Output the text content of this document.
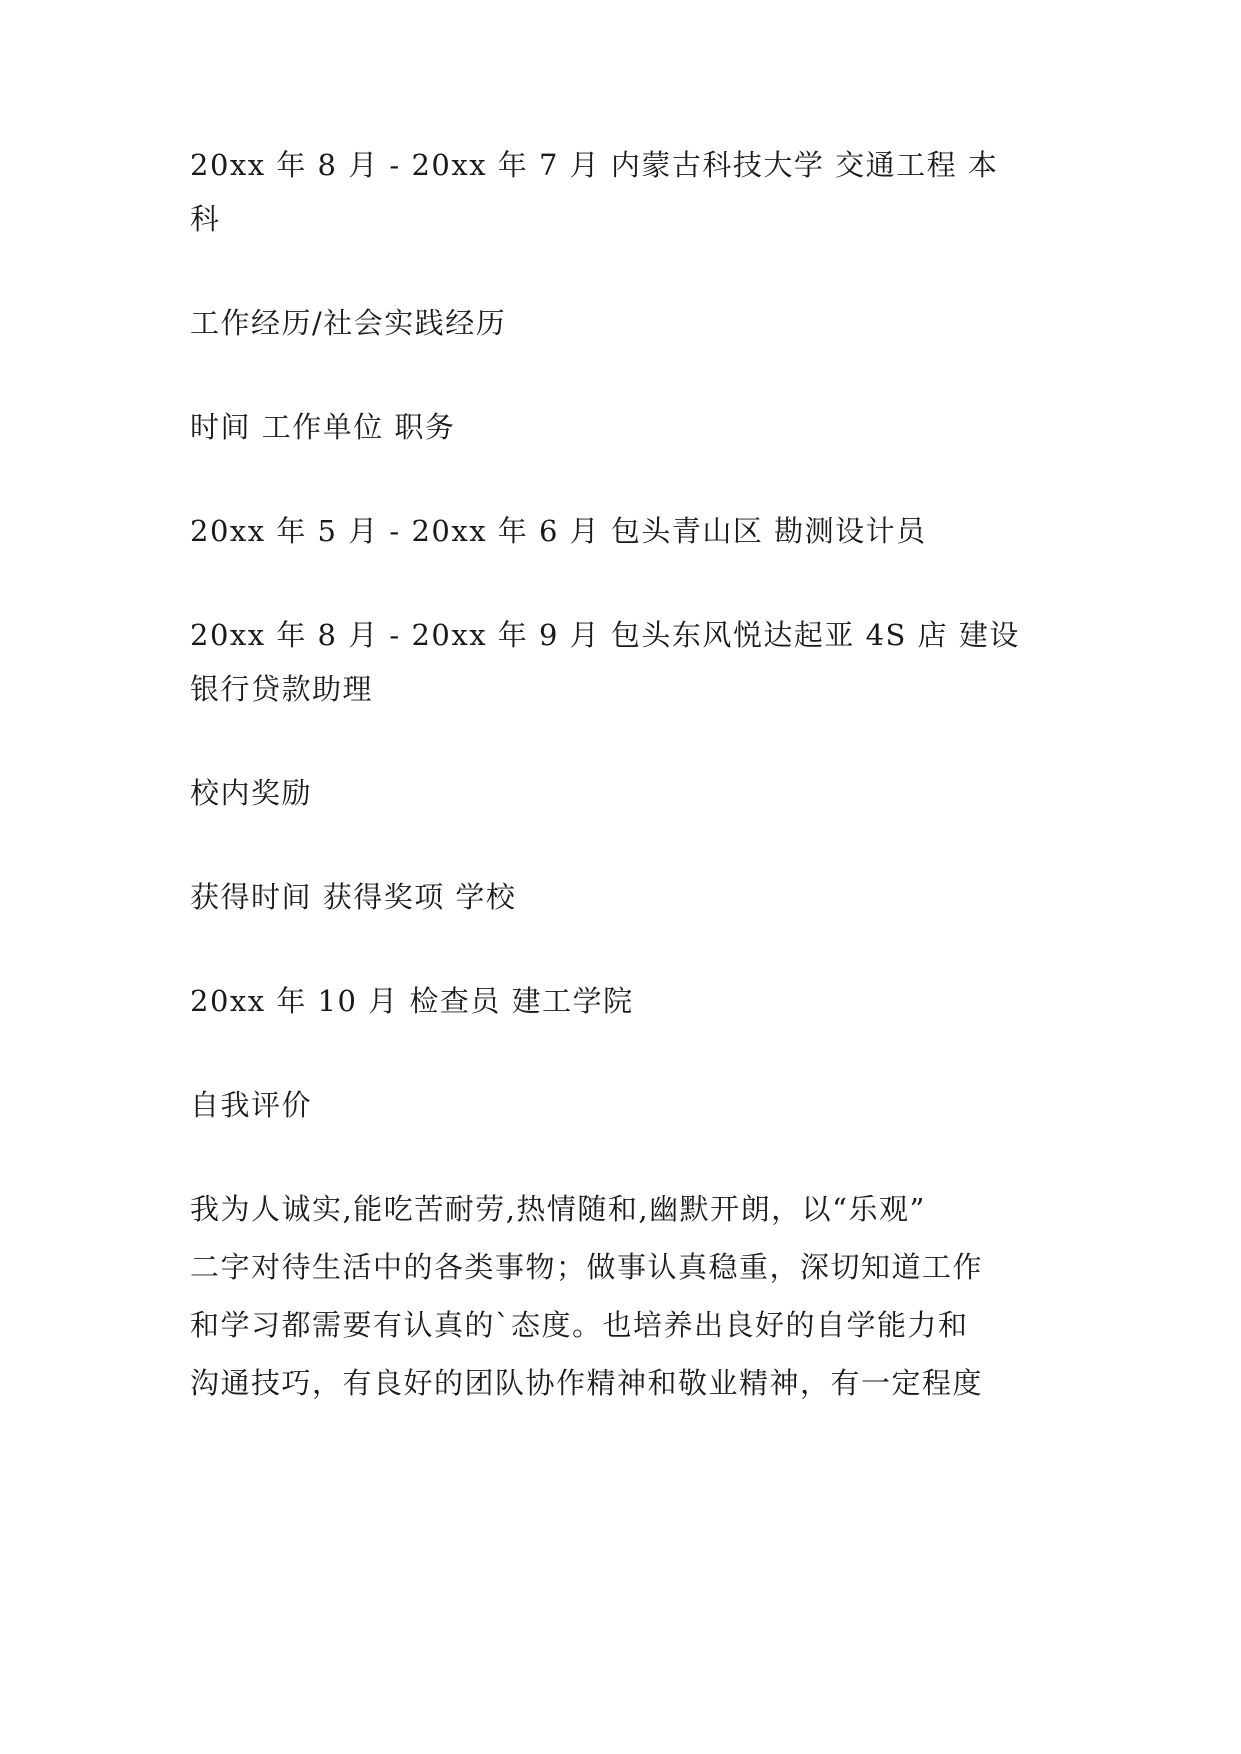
20xx 年 8 月 - 20xx 年 7 月 内蒙古科技大学 交通工程 本

科

工作经历/社会实践经历

时间 工作单位 职务

20xx 年 5 月 - 20xx 年 6 月 包头青山区 勘测设计员

20xx 年 8 月 - 20xx 年 9 月 包头东风悦达起亚 4S 店 建设

银行贷款助理

校内奖励

获得时间 获得奖项 学校

20xx 年 10 月 检查员 建工学院

自我评价
我为人诚实,能吃苦耐劳,热情随和,幽默开朗，以“乐观”
二字对待生活中的各类事物；做事认真稳重，深切知道工作
和学习都需要有认真的`态度。也培养出良好的自学能力和
沟通技巧，有良好的团队协作精神和敬业精神，有一定程度
